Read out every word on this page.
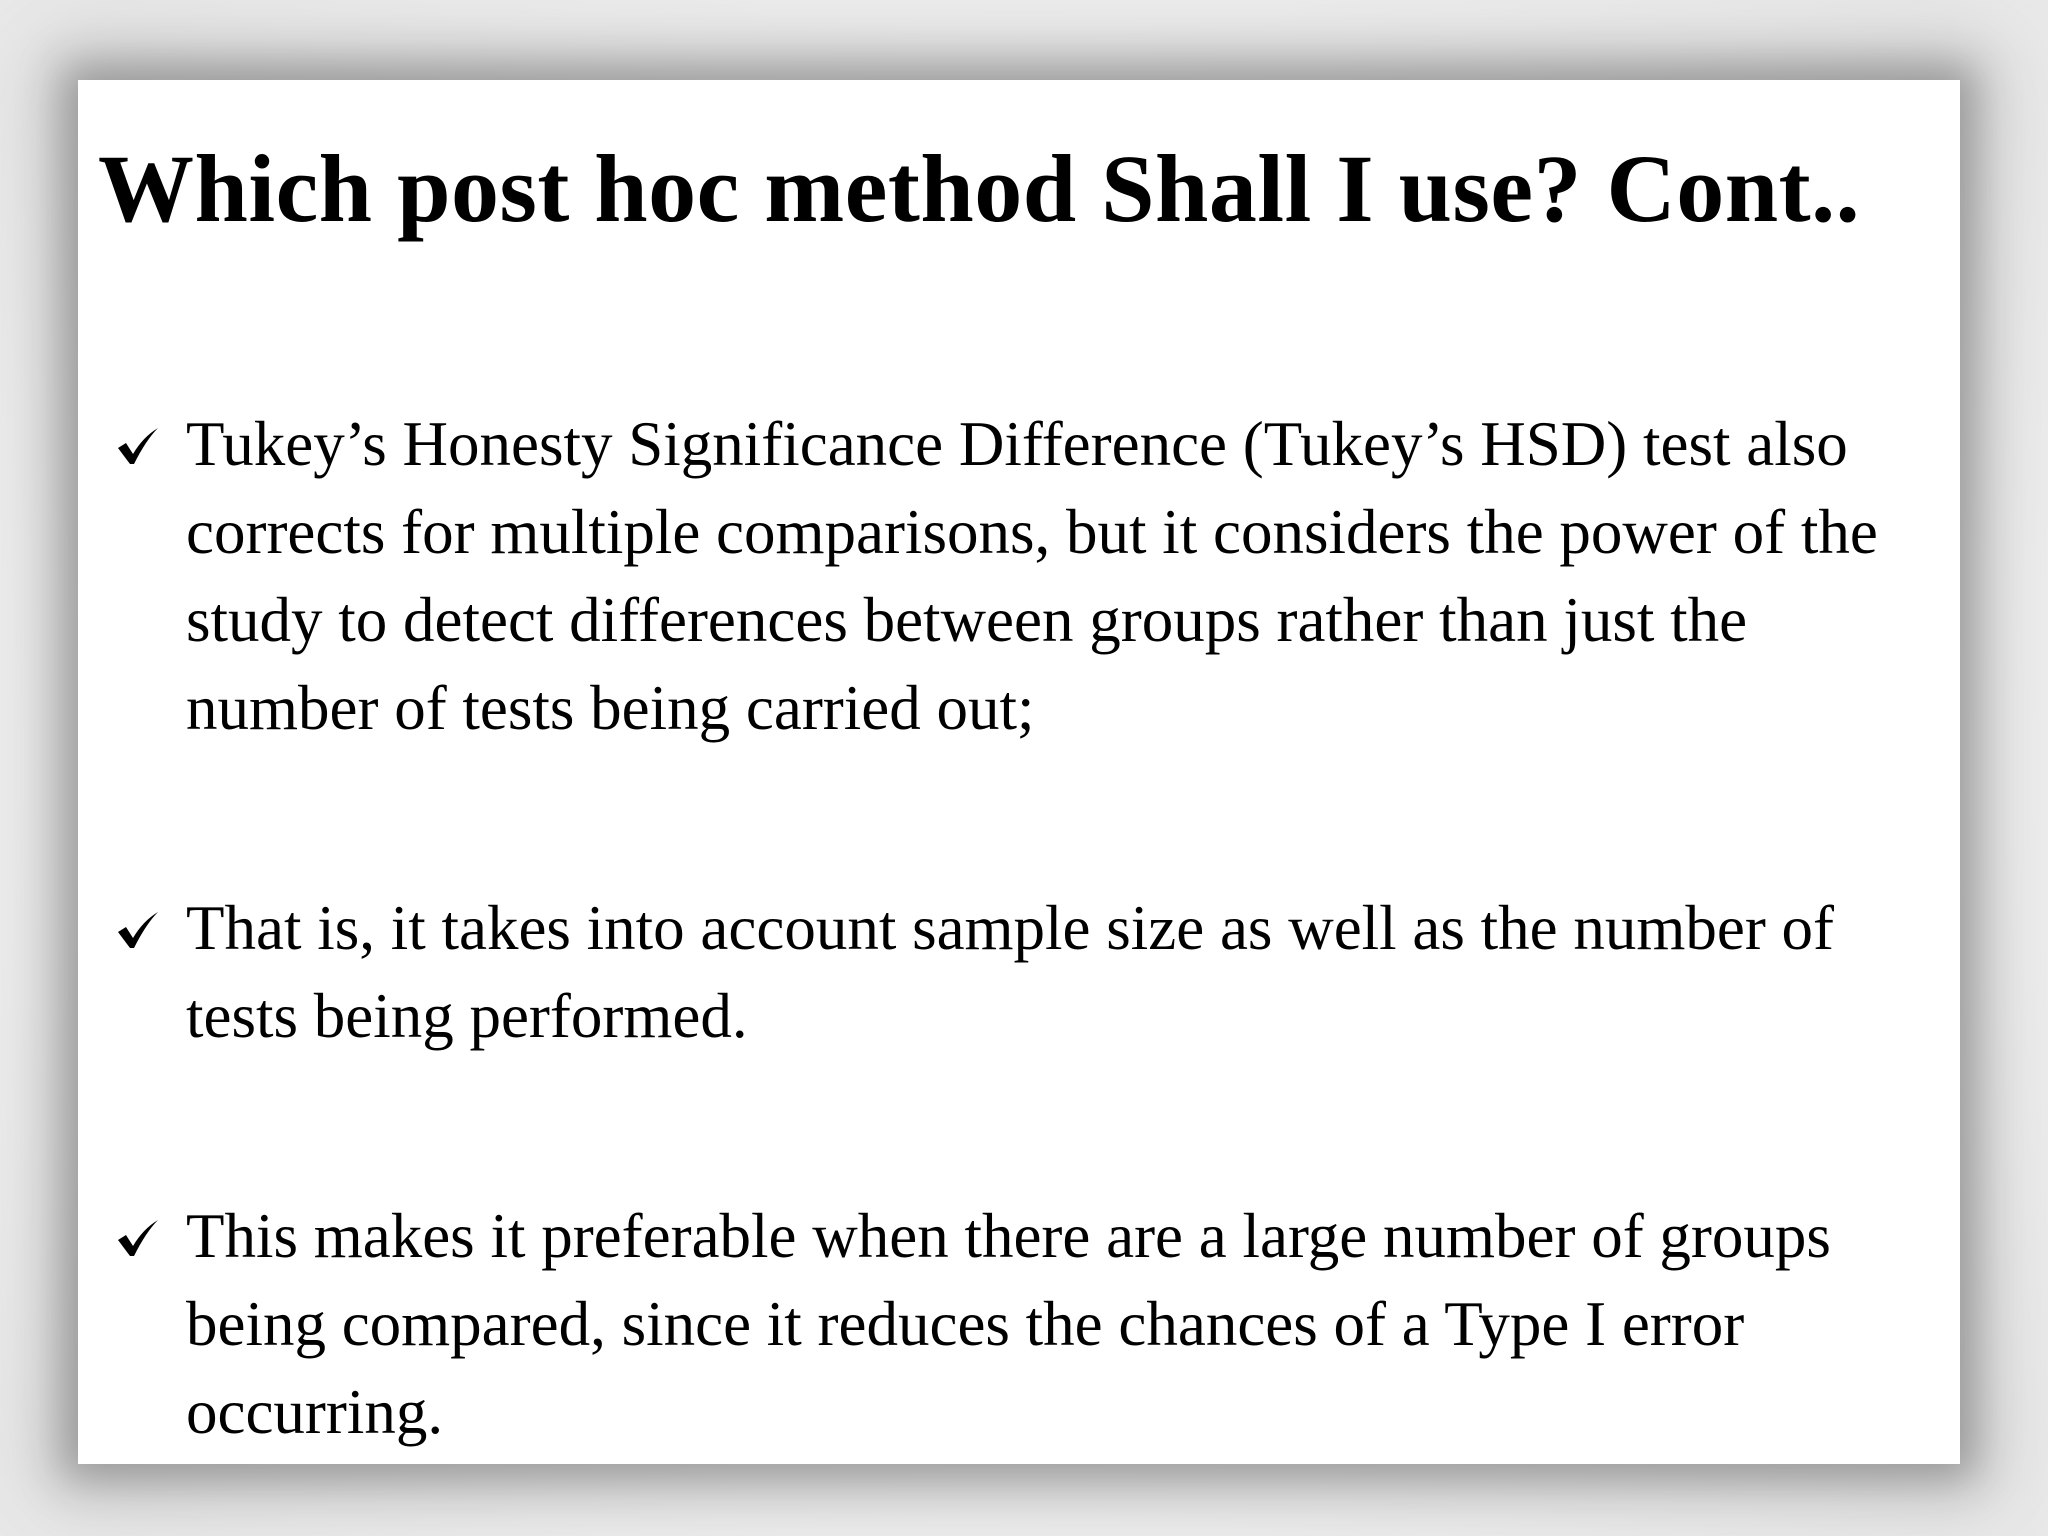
Which post hoc method Shall I use? Cont..
Tukey’s Honesty Significance Difference (Tukey’s HSD) test also corrects for multiple comparisons, but it considers the power of the study to detect differences between groups rather than just the number of tests being carried out;
That is, it takes into account sample size as well as the number of tests being performed.
This makes it preferable when there are a large number of groups being compared, since it reduces the chances of a Type I error occurring.
